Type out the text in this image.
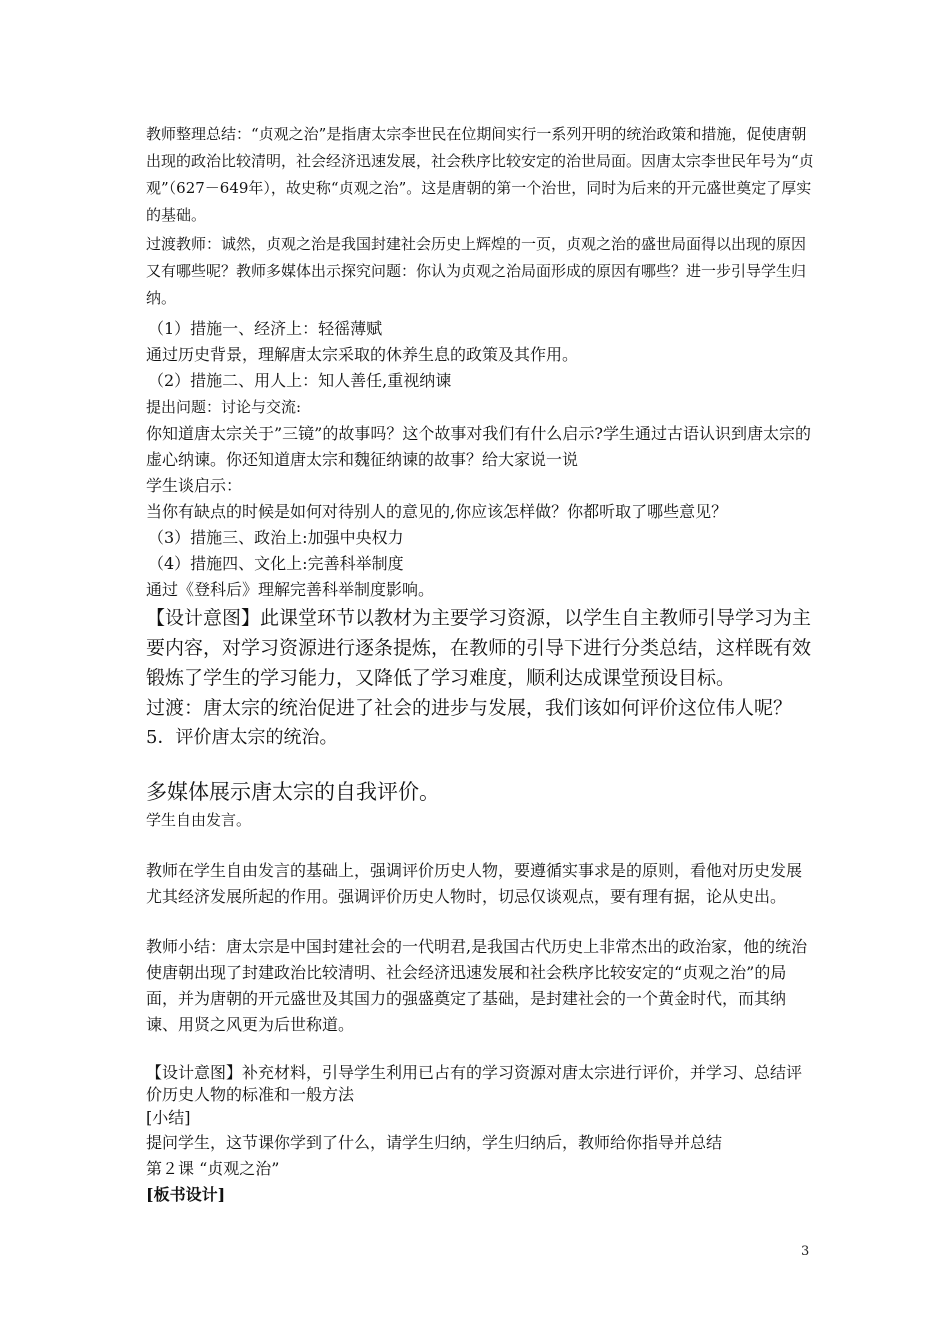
教师整理总结：“贞观之治”是指唐太宗李世民在位期间实行一系列开明的统治政策和措施，促使唐朝出现的政治比较清明，社会经济迅速发展，社会秩序比较安定的治世局面。因唐太宗李世民年号为“贞观”（627－649年），故史称“贞观之治”。这是唐朝的第一个治世，同时为后来的开元盛世奠定了厚实的基础。

过渡教师：诚然，贞观之治是我国封建社会历史上辉煌的一页，贞观之治的盛世局面得以出现的原因又有哪些呢？教师多媒体出示探究问题：你认为贞观之治局面形成的原因有哪些？进一步引导学生归纳。

（1）措施一、经济上：轻徭薄赋

通过历史背景，理解唐太宗采取的休养生息的政策及其作用。

（2）措施二、用人上：知人善任,重视纳谏

提出问题：讨论与交流:

你知道唐太宗关于”三镜”的故事吗？这个故事对我们有什么启示?学生通过古语认识到唐太宗的虚心纳谏。你还知道唐太宗和魏征纳谏的故事？给大家说一说

学生谈启示：

当你有缺点的时候是如何对待别人的意见的,你应该怎样做？你都听取了哪些意见？

（3）措施三、政治上:加强中央权力

（4）措施四、文化上:完善科举制度

通过《登科后》理解完善科举制度影响。

【设计意图】此课堂环节以教材为主要学习资源，以学生自主教师引导学习为主要内容，对学习资源进行逐条提炼，在教师的引导下进行分类总结，这样既有效锻炼了学生的学习能力，又降低了学习难度，顺利达成课堂预设目标。

过渡：唐太宗的统治促进了社会的进步与发展，我们该如何评价这位伟人呢？

5．评价唐太宗的统治。

多媒体展示唐太宗的自我评价。

学生自由发言。

教师在学生自由发言的基础上，强调评价历史人物，要遵循实事求是的原则，看他对历史发展尤其经济发展所起的作用。强调评价历史人物时，切忌仅谈观点，要有理有据，论从史出。

教师小结：唐太宗是中国封建社会的一代明君,是我国古代历史上非常杰出的政治家，他的统治使唐朝出现了封建政治比较清明、社会经济迅速发展和社会秩序比较安定的“贞观之治”的局面，并为唐朝的开元盛世及其国力的强盛奠定了基础，是封建社会的一个黄金时代，而其纳谏、用贤之风更为后世称道。

【设计意图】补充材料，引导学生利用已占有的学习资源对唐太宗进行评价，并学习、总结评价历史人物的标准和一般方法

[小结]

提问学生，这节课你学到了什么，请学生归纳，学生归纳后，教师给你指导并总结

第２课 “贞观之治”

[板书设计]

3
